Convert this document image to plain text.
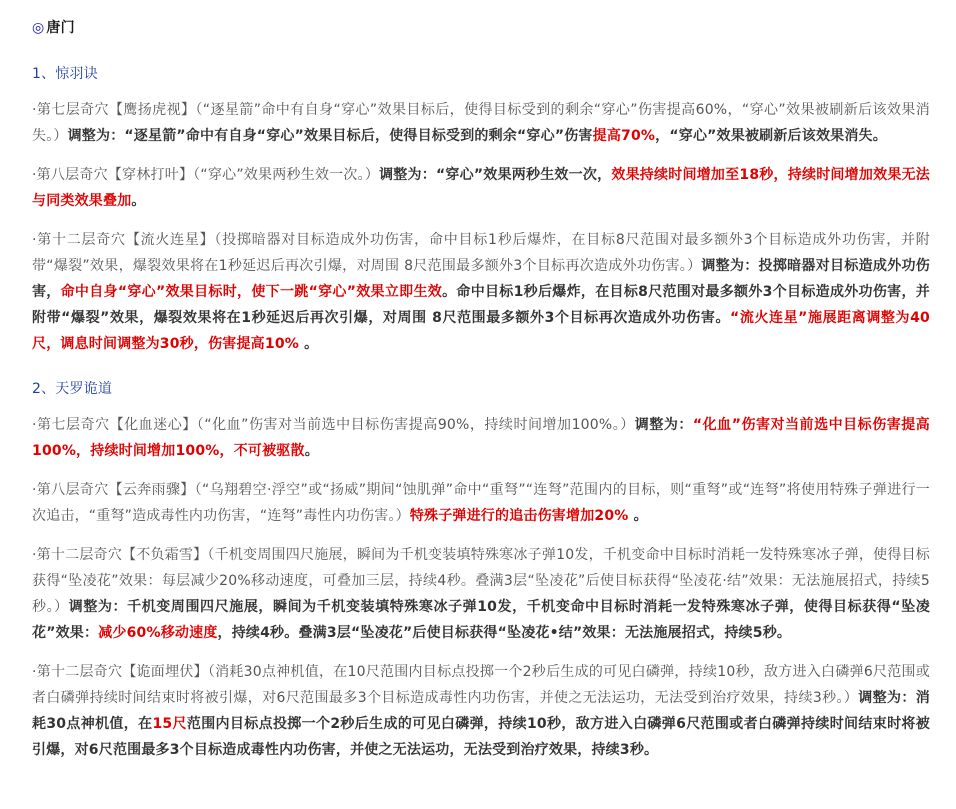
◎ 唐门
1、惊羽诀
·第七层奇穴【鹰扬虎视】（“逐星箭”命中有自身“穿心”效果目标后，使得目标受到的剩余“穿心”伤害提高60%，“穿心”效果被刷新后该效果消失。）调整为：“逐星箭”命中有自身“穿心”效果目标后，使得目标受到的剩余“穿心”伤害提高70%，“穿心”效果被刷新后该效果消失。
·第八层奇穴【穿林打叶】（“穿心”效果两秒生效一次。）调整为：“穿心”效果两秒生效一次，效果持续时间增加至18秒，持续时间增加效果无法与同类效果叠加。
·第十二层奇穴【流火连星】（投掷暗器对目标造成外功伤害，命中目标1秒后爆炸，在目标8尺范围对最多额外3个目标造成外功伤害，并附带“爆裂”效果，爆裂效果将在1秒延迟后再次引爆，对周围 8尺范围最多额外3个目标再次造成外功伤害。）调整为：投掷暗器对目标造成外功伤害，命中自身“穿心”效果目标时，使下一跳“穿心”效果立即生效。命中目标1秒后爆炸，在目标8尺范围对最多额外3个目标造成外功伤害，并附带“爆裂”效果，爆裂效果将在1秒延迟后再次引爆，对周围 8尺范围最多额外3个目标再次造成外功伤害。“流火连星”施展距离调整为40尺，调息时间调整为30秒，伤害提高10% 。
2、天罗诡道
·第七层奇穴【化血迷心】（“化血”伤害对当前选中目标伤害提高90%，持续时间增加100%。）调整为：“化血”伤害对当前选中目标伤害提高100%，持续时间增加100%，不可被驱散。
·第八层奇穴【云奔雨骤】（“乌翔碧空·浮空”或“扬威”期间“蚀肌弹”命中“重弩”“连弩”范围内的目标，则“重弩”或“连弩”将使用特殊子弹进行一次追击，“重弩”造成毒性内功伤害，“连弩”毒性内功伤害。）特殊子弹进行的追击伤害增加20% 。
·第十二层奇穴【不负霜雪】（千机变周围四尺施展，瞬间为千机变装填特殊寒冰子弹10发，千机变命中目标时消耗一发特殊寒冰子弹，使得目标获得“坠凌花”效果：每层减少20%移动速度，可叠加三层，持续4秒。叠满3层“坠凌花”后使目标获得“坠凌花·结”效果：无法施展招式，持续5秒。）调整为：千机变周围四尺施展，瞬间为千机变装填特殊寒冰子弹10发，千机变命中目标时消耗一发特殊寒冰子弹，使得目标获得“坠凌花”效果：减少60%移动速度，持续4秒。叠满3层“坠凌花”后使目标获得“坠凌花•结”效果：无法施展招式，持续5秒。
·第十二层奇穴【诡面埋伏】（消耗30点神机值，在10尺范围内目标点投掷一个2秒后生成的可见白磷弹，持续10秒，敌方进入白磷弹6尺范围或者白磷弹持续时间结束时将被引爆，对6尺范围最多3个目标造成毒性内功伤害，并使之无法运功，无法受到治疗效果，持续3秒。）调整为：消耗30点神机值，在15尺范围内目标点投掷一个2秒后生成的可见白磷弹，持续10秒，敌方进入白磷弹6尺范围或者白磷弹持续时间结束时将被引爆，对6尺范围最多3个目标造成毒性内功伤害，并使之无法运功，无法受到治疗效果，持续3秒。
